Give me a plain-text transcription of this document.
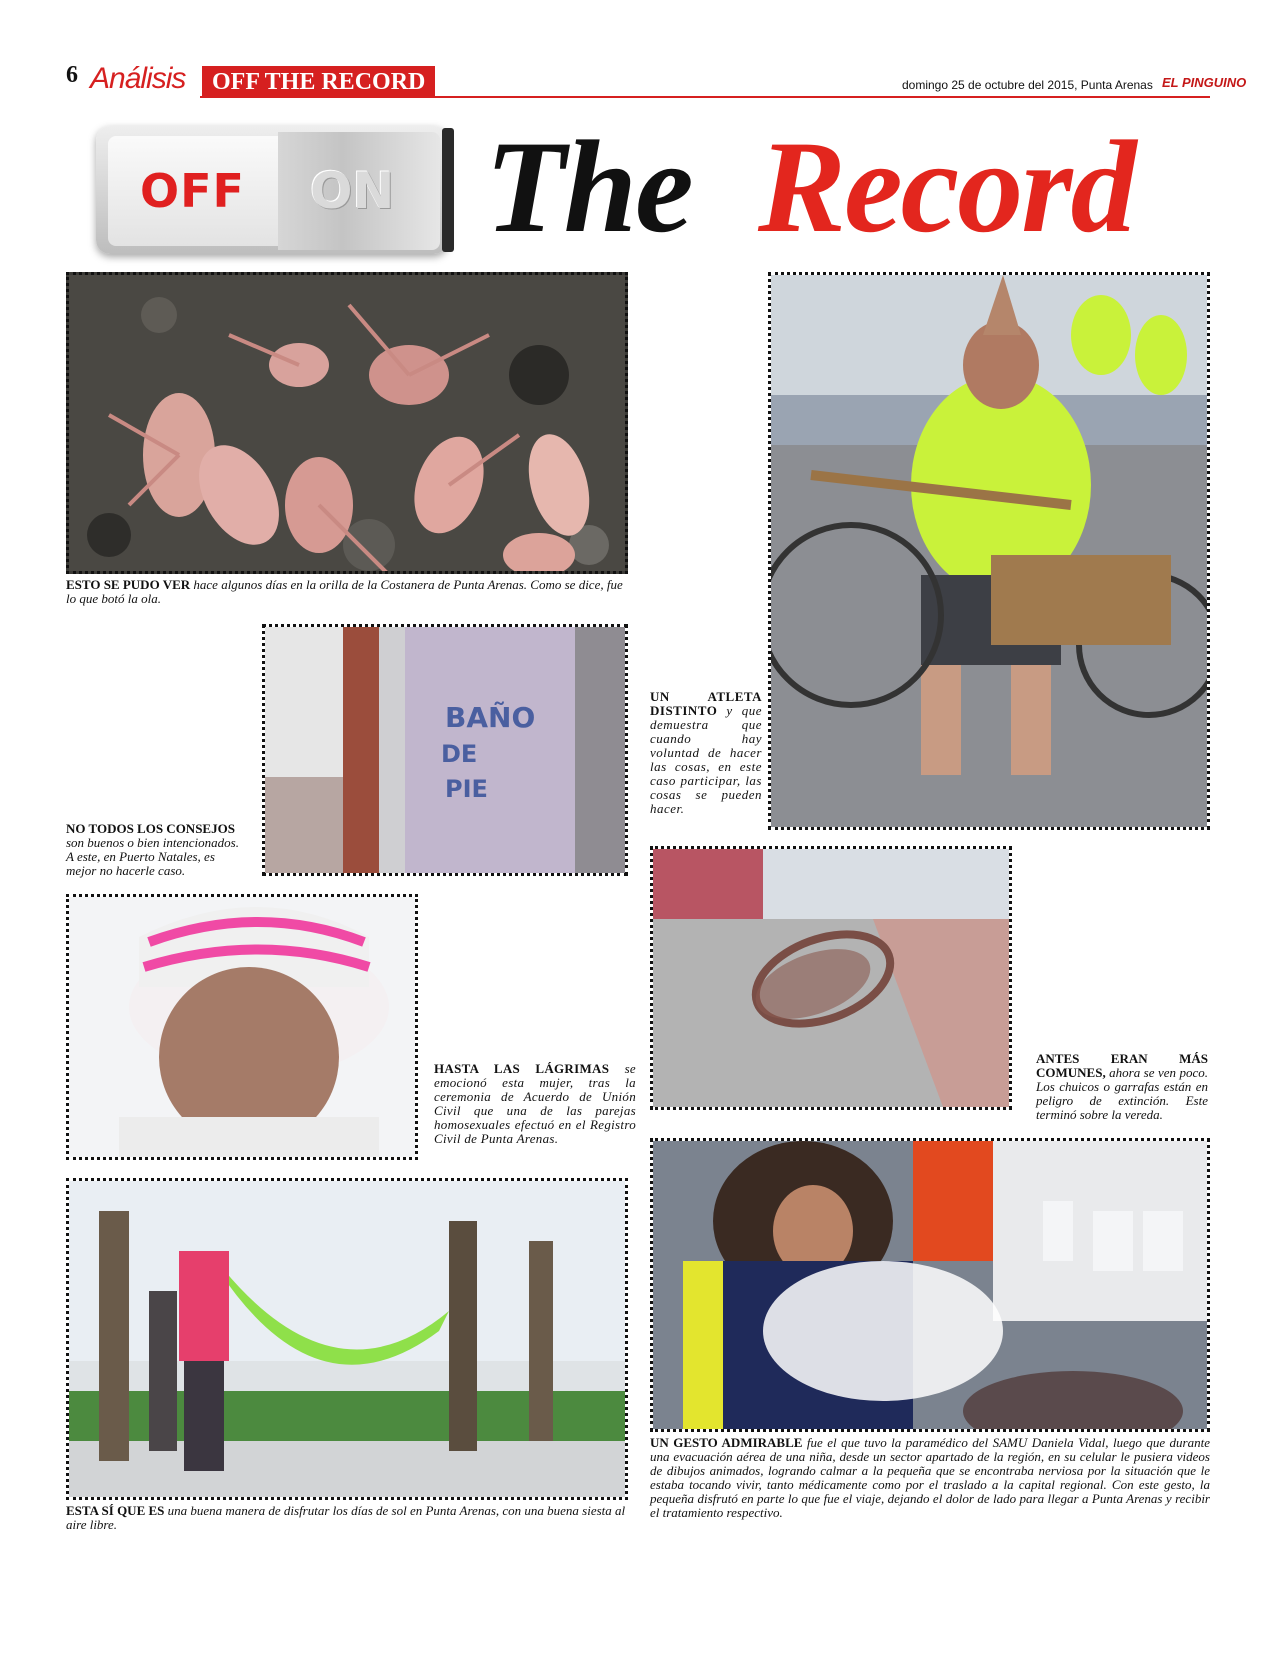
6 Análisis	OFF THE RECORD	domingo 25 de octubre del 2015, Punta Arenas EL PINGUINO
OFF ON The Record
ESTO SE PUDO VER hace algunos días en la orilla de la Costanera de Punta Arenas. Como se dice, fue lo que botó la ola.
UN ATLETA DISTINTO y que demuestra que cuando hay voluntad de hacer las cosas, en este caso participar, las cosas se pueden hacer.
BAÑO
DE
PIE
NO TODOS LOS CONSEJOS son buenos o bien intencionados. A este, en Puerto Natales, es mejor no hacerle caso.
HASTA LAS LÁGRIMAS se emocionó esta mujer, tras la ceremonia de Acuerdo de Unión Civil que una de las parejas homosexuales efectuó en el Registro Civil de Punta Arenas.
ANTES ERAN MÁS COMUNES, ahora se ven poco. Los chuicos o garrafas están en peligro de extinción. Este terminó sobre la vereda.
ESTA SÍ QUE ES una buena manera de disfrutar los días de sol en Punta Arenas, con una buena siesta al aire libre.
UN GESTO ADMIRABLE fue el que tuvo la paramédico del SAMU Daniela Vidal, luego que durante una evacuación aérea de una niña, desde un sector apartado de la región, en su celular le pusiera videos de dibujos animados, logrando calmar a la pequeña que se encontraba nerviosa por la situación que le estaba tocando vivir, tanto médicamente como por el traslado a la capital regional. Con este gesto, la pequeña disfrutó en parte lo que fue el viaje, dejando el dolor de lado para llegar a Punta Arenas y recibir el tratamiento respectivo.
